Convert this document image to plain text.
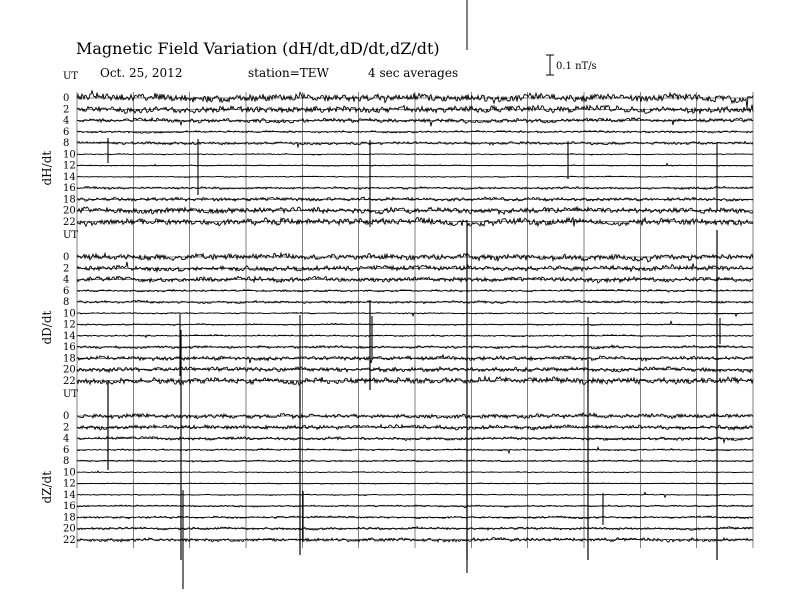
Magnetic Field Variation (dH/dt,dD/dt,dZ/dt)
Oct. 25, 2012	station=TEW	4 sec averages	0.1 nT/s
UT
dH/dt
0
2
4
6
8
10
12
14
16
18
20
22
UT
dD/dt
0
2
4
6
8
10
12
14
16
18
20
22
UT
dZ/dt
0
2
4
6
8
10
12
14
16
18
20
22
